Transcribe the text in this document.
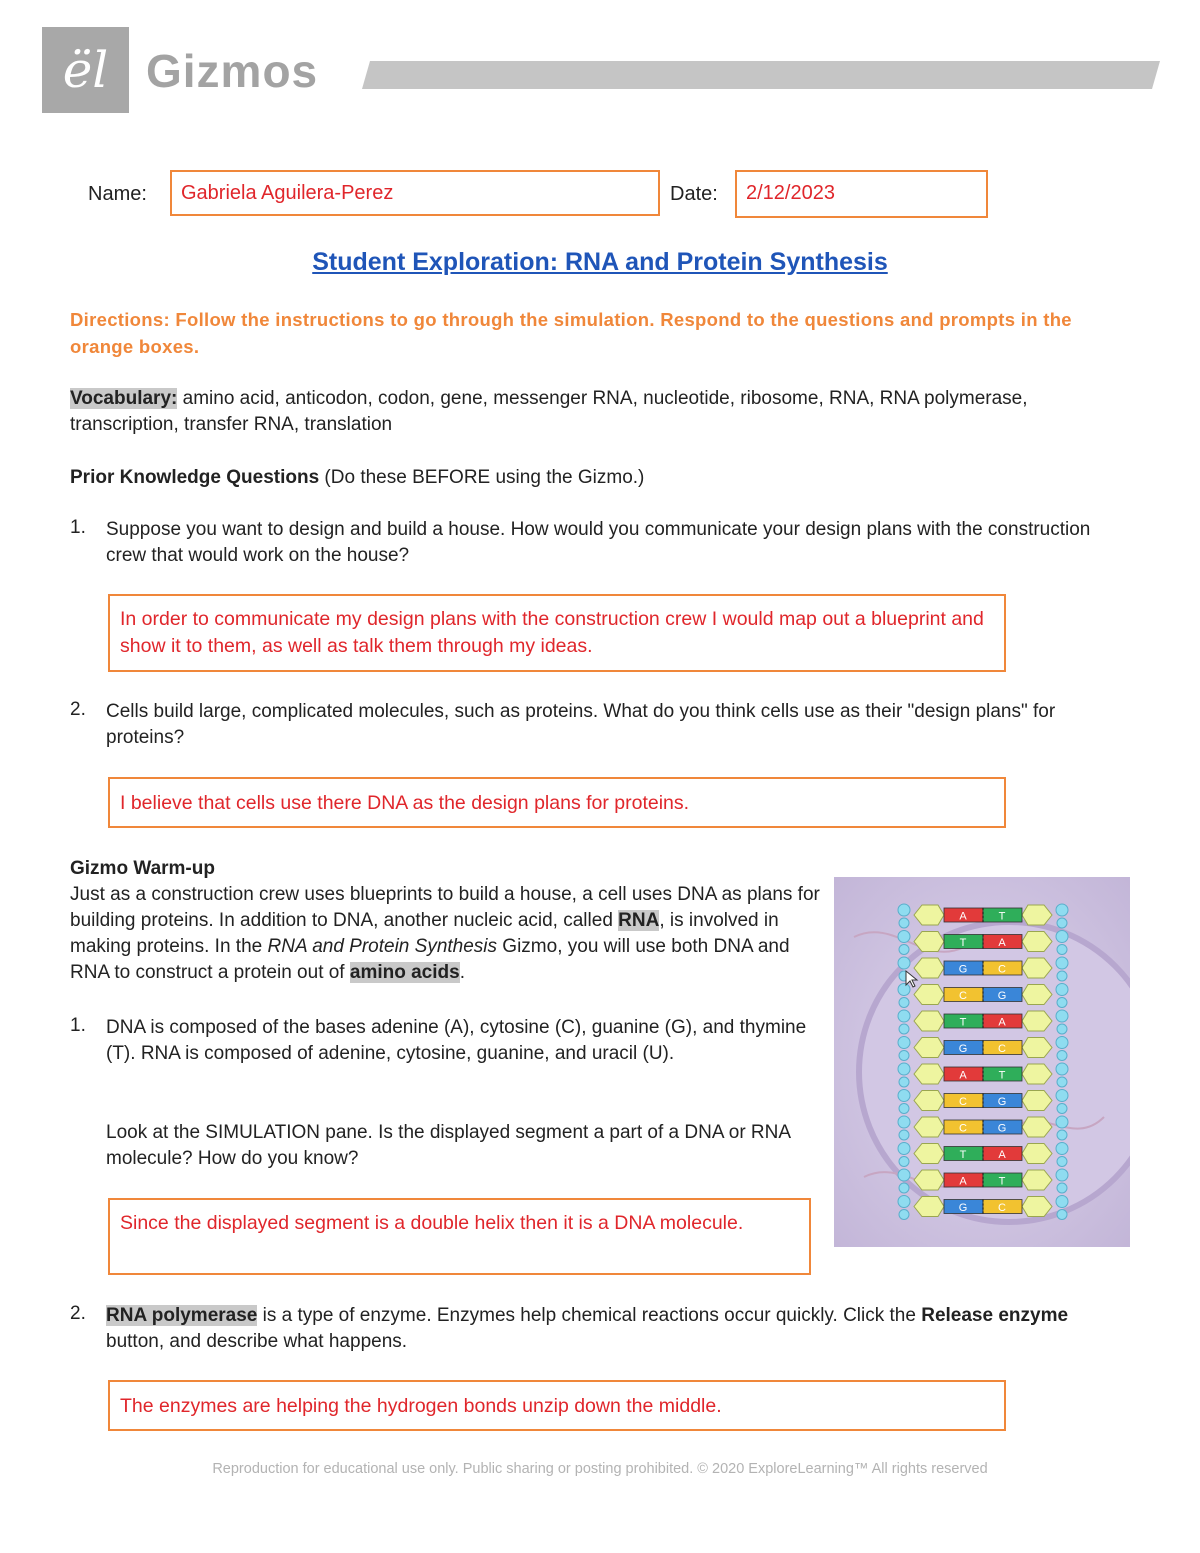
ël Gizmos
Name:	Gabriela Aguilera-Perez	Date:	2/12/2023
Student Exploration: RNA and Protein Synthesis
Directions: Follow the instructions to go through the simulation. Respond to the questions and prompts in the orange boxes.
Vocabulary: amino acid, anticodon, codon, gene, messenger RNA, nucleotide, ribosome, RNA, RNA polymerase, transcription, transfer RNA, translation
Prior Knowledge Questions (Do these BEFORE using the Gizmo.)
1. Suppose you want to design and build a house. How would you communicate your design plans with the construction crew that would work on the house?
In order to communicate my design plans with the construction crew I would map out a blueprint and show it to them, as well as talk them through my ideas.
2. Cells build large, complicated molecules, such as proteins. What do you think cells use as their "design plans" for proteins?
I believe that cells use there DNA as the design plans for proteins.
Gizmo Warm-up
Just as a construction crew uses blueprints to build a house, a cell uses DNA as plans for building proteins. In addition to DNA, another nucleic acid, called RNA, is involved in making proteins. In the RNA and Protein Synthesis Gizmo, you will use both DNA and RNA to construct a protein out of amino acids.
1. DNA is composed of the bases adenine (A), cytosine (C), guanine (G), and thymine (T). RNA is composed of adenine, cytosine, guanine, and uracil (U).
Look at the SIMULATION pane. Is the displayed segment a part of a DNA or RNA molecule? How do you know?
Since the displayed segment is a double helix then it is a DNA molecule.
2. RNA polymerase is a type of enzyme. Enzymes help chemical reactions occur quickly. Click the Release enzyme button, and describe what happens.
The enzymes are helping the hydrogen bonds unzip down the middle.
A	T
T	A
G	C
C	G
T	A
G	C
A	T
C	G
C	G
T	A
A	T
G	C
Reproduction for educational use only. Public sharing or posting prohibited. © 2020 ExploreLearning™ All rights reserved
